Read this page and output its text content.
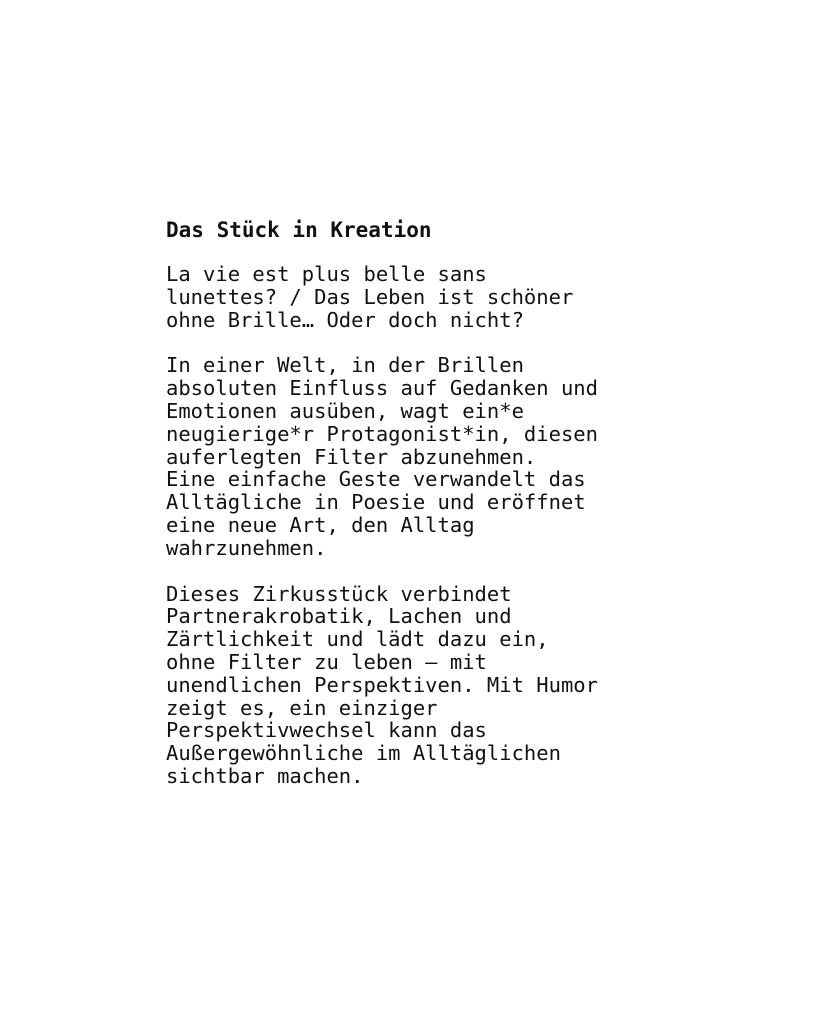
Das Stück in Kreation
La vie est plus belle sans
lunettes? / Das Leben ist schöner
ohne Brille… Oder doch nicht?
In einer Welt, in der Brillen
absoluten Einfluss auf Gedanken und
Emotionen ausüben, wagt ein*e
neugierige*r Protagonist*in, diesen
auferlegten Filter abzunehmen.
Eine einfache Geste verwandelt das
Alltägliche in Poesie und eröffnet
eine neue Art, den Alltag
wahrzunehmen.
Dieses Zirkusstück verbindet
Partnerakrobatik, Lachen und
Zärtlichkeit und lädt dazu ein,
ohne Filter zu leben – mit
unendlichen Perspektiven. Mit Humor
zeigt es, ein einziger
Perspektivwechsel kann das
Außergewöhnliche im Alltäglichen
sichtbar machen.
